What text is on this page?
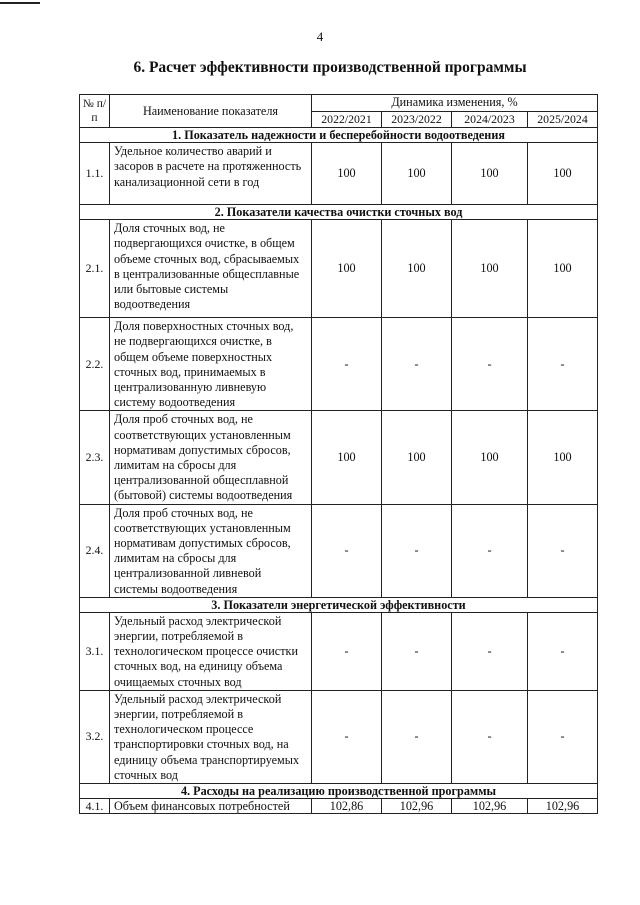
4
6. Расчет эффективности производственной программы
№ п/п	Наименование показателя	Динамика изменения, %			
		2022/2021	2023/2022	2024/2023	2025/2024
1. Показатель надежности и бесперебойности водоотведения					
1.1.	Удельное количество аварий и засоров в расчете на протяженность канализационной сети в год	100	100	100	100
2. Показатели качества очистки сточных вод					
2.1.	Доля сточных вод, не подвергающихся очистке, в общем объеме сточных вод, сбрасываемых в централизованные общесплавные или бытовые системы водоотведения	100	100	100	100
2.2.	Доля поверхностных сточных вод, не подвергающихся очистке, в общем объеме поверхностных сточных вод, принимаемых в централизованную ливневую систему водоотведения	-	-	-	-
2.3.	Доля проб сточных вод, не соответствующих установленным нормативам допустимых сбросов, лимитам на сбросы для централизованной общесплавной (бытовой) системы водоотведения	100	100	100	100
2.4.	Доля проб сточных вод, не соответствующих установленным нормативам допустимых сбросов, лимитам на сбросы для централизованной ливневой системы водоотведения	-	-	-	-
3. Показатели энергетической эффективности					
3.1.	Удельный расход электрической энергии, потребляемой в технологическом процессе очистки сточных вод, на единицу объема очищаемых сточных вод	-	-	-	-
3.2.	Удельный расход электрической энергии, потребляемой в технологическом процессе транспортировки сточных вод, на единицу объема транспортируемых сточных вод	-	-	-	-
4. Расходы на реализацию производственной программы					
4.1.	Объем финансовых потребностей	102,86	102,96	102,96	102,96
